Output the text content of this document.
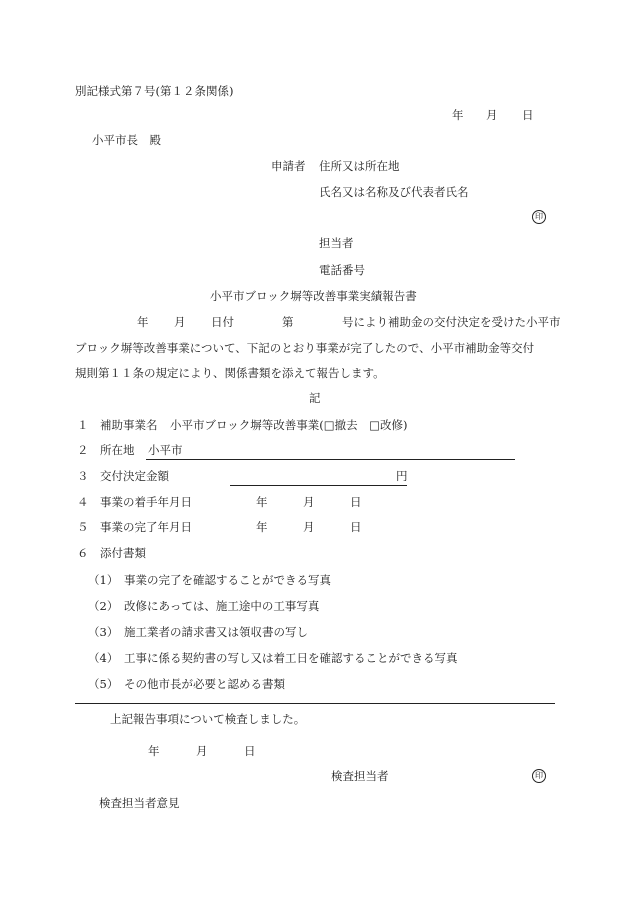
別記様式第７号(第１２条関係)
年 月 日
小平市長　殿
申請者 住所又は所在地
氏名又は名称及び代表者氏名
印
担当者
電話番号
小平市ブロック塀等改善事業実績報告書
年 月 日付	第	号により補助金の交付決定を受けた小平市
ブロック塀等改善事業について、下記のとおり事業が完了したので、小平市補助金等交付
規則第１１条の規定により、関係書類を添えて報告します。
記
１ 補助事業名 小平市ブロック塀等改善事業(□撤去　□改修)
２ 所在地 小平市
３ 交付決定金額	円
４ 事業の着手年月日	年	月	日
５ 事業の完了年月日	年	月	日
６ 添付書類
（1） 事業の完了を確認することができる写真
（2） 改修にあっては、施工途中の工事写真
（3） 施工業者の請求書又は領収書の写し
（4） 工事に係る契約書の写し又は着工日を確認することができる写真
（5） その他市長が必要と認める書類
上記報告事項について検査しました。
年	月	日
検査担当者	印
検査担当者意見
